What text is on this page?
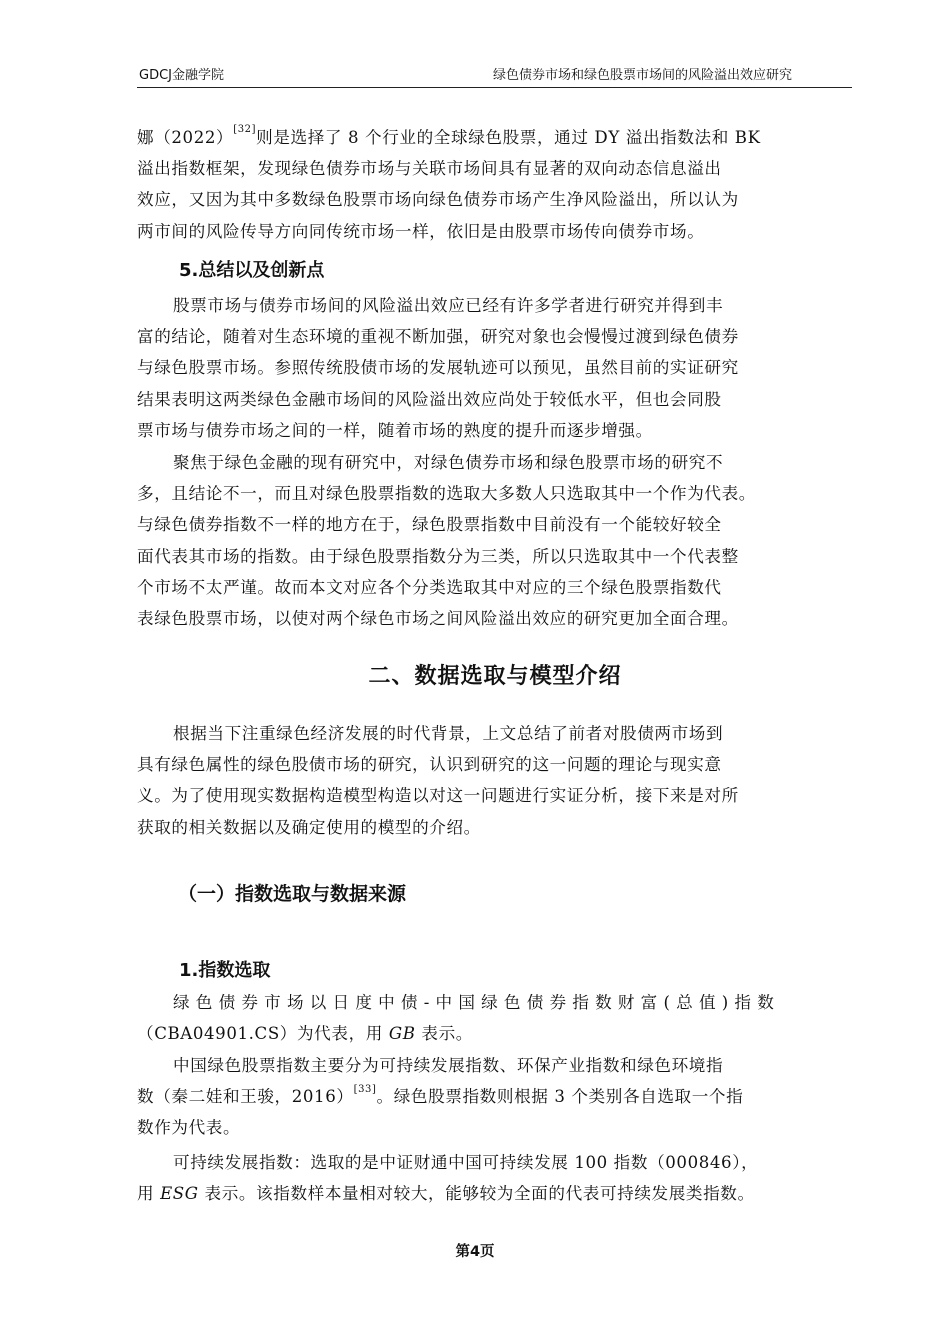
GDCJ金融学院	绿色债券市场和绿色股票市场间的风险溢出效应研究
娜（2022）[32]则是选择了 8 个行业的全球绿色股票，通过 DY 溢出指数法和 BK
溢出指数框架，发现绿色债券市场与关联市场间具有显著的双向动态信息溢出
效应，又因为其中多数绿色股票市场向绿色债券市场产生净风险溢出，所以认为
两市间的风险传导方向同传统市场一样，依旧是由股票市场传向债券市场。
5.总结以及创新点
股票市场与债券市场间的风险溢出效应已经有许多学者进行研究并得到丰
富的结论，随着对生态环境的重视不断加强，研究对象也会慢慢过渡到绿色债券
与绿色股票市场。参照传统股债市场的发展轨迹可以预见，虽然目前的实证研究
结果表明这两类绿色金融市场间的风险溢出效应尚处于较低水平，但也会同股
票市场与债券市场之间的一样，随着市场的熟度的提升而逐步增强。
聚焦于绿色金融的现有研究中，对绿色债券市场和绿色股票市场的研究不
多，且结论不一，而且对绿色股票指数的选取大多数人只选取其中一个作为代表。
与绿色债券指数不一样的地方在于，绿色股票指数中目前没有一个能较好较全
面代表其市场的指数。由于绿色股票指数分为三类，所以只选取其中一个代表整
个市场不太严谨。故而本文对应各个分类选取其中对应的三个绿色股票指数代
表绿色股票市场，以使对两个绿色市场之间风险溢出效应的研究更加全面合理。
二、数据选取与模型介绍
根据当下注重绿色经济发展的时代背景，上文总结了前者对股债两市场到
具有绿色属性的绿色股债市场的研究，认识到研究的这一问题的理论与现实意
义。为了使用现实数据构造模型构造以对这一问题进行实证分析，接下来是对所
获取的相关数据以及确定使用的模型的介绍。
（一）指数选取与数据来源
1.指数选取
绿色债券市场以日度中债-中国绿色债券指数财富(总值)指数
（CBA04901.CS）为代表，用 GB 表示。
中国绿色股票指数主要分为可持续发展指数、环保产业指数和绿色环境指
数（秦二娃和王骏，2016）[33]。绿色股票指数则根据 3 个类别各自选取一个指
数作为代表。
可持续发展指数：选取的是中证财通中国可持续发展 100 指数（000846），
用 ESG 表示。该指数样本量相对较大，能够较为全面的代表可持续发展类指数。
第4页
